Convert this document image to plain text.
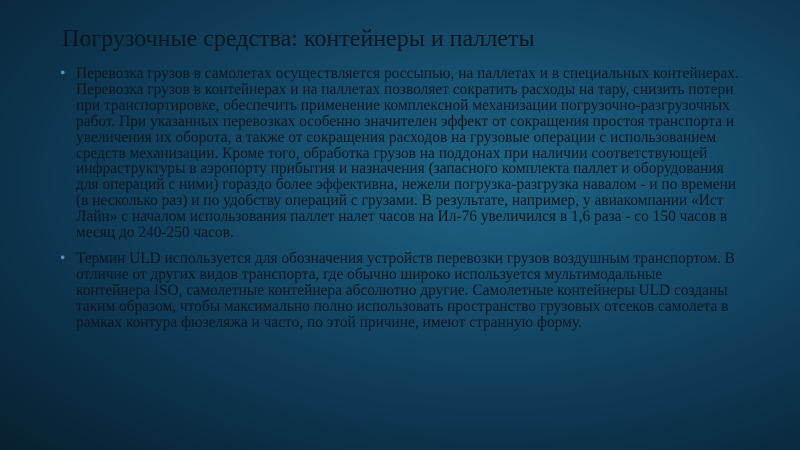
Погрузочные средства: контейнеры и паллеты
• Перевозка грузов в самолетах осуществляется россыпью, на паллетах и в специальных контейнерах. Перевозка грузов в контейнерах и на паллетах позволяет сократить расходы на тару, снизить потери при транспортировке, обеспечить применение комплексной механизации погрузочно-разгрузочных работ. При указанных перевозках особенно значителен эффект от сокращения простоя транспорта и увеличения их оборота, а также от сокращения расходов на грузовые операции с использованием средств механизации. Кроме того, обработка грузов на поддонах при наличии соответствующей инфраструктуры в аэропорту прибытия и назначения (запасного комплекта паллет и оборудования для операций с ними) гораздо более эффективна, нежели погрузка-разгрузка навалом - и по времени (в несколько раз) и по удобству операций с грузами. В результате, например, у авиакомпании «Ист Лайн» с началом использования паллет налет часов на Ил-76 увеличился в 1,6 раза - со 150 часов в месяц до 240-250 часов.
• Термин ULD используется для обозначения устройств перевозки грузов воздушным транспортом. В отличие от других видов транспорта, где обычно широко используется мультимодальные контейнера ISO, самолетные контейнера абсолютно другие. Самолетные контейнеры ULD созданы таким образом, чтобы максимально полно использовать пространство грузовых отсеков самолета в рамках контура фюзеляжа и часто, по этой причине, имеют странную форму.
